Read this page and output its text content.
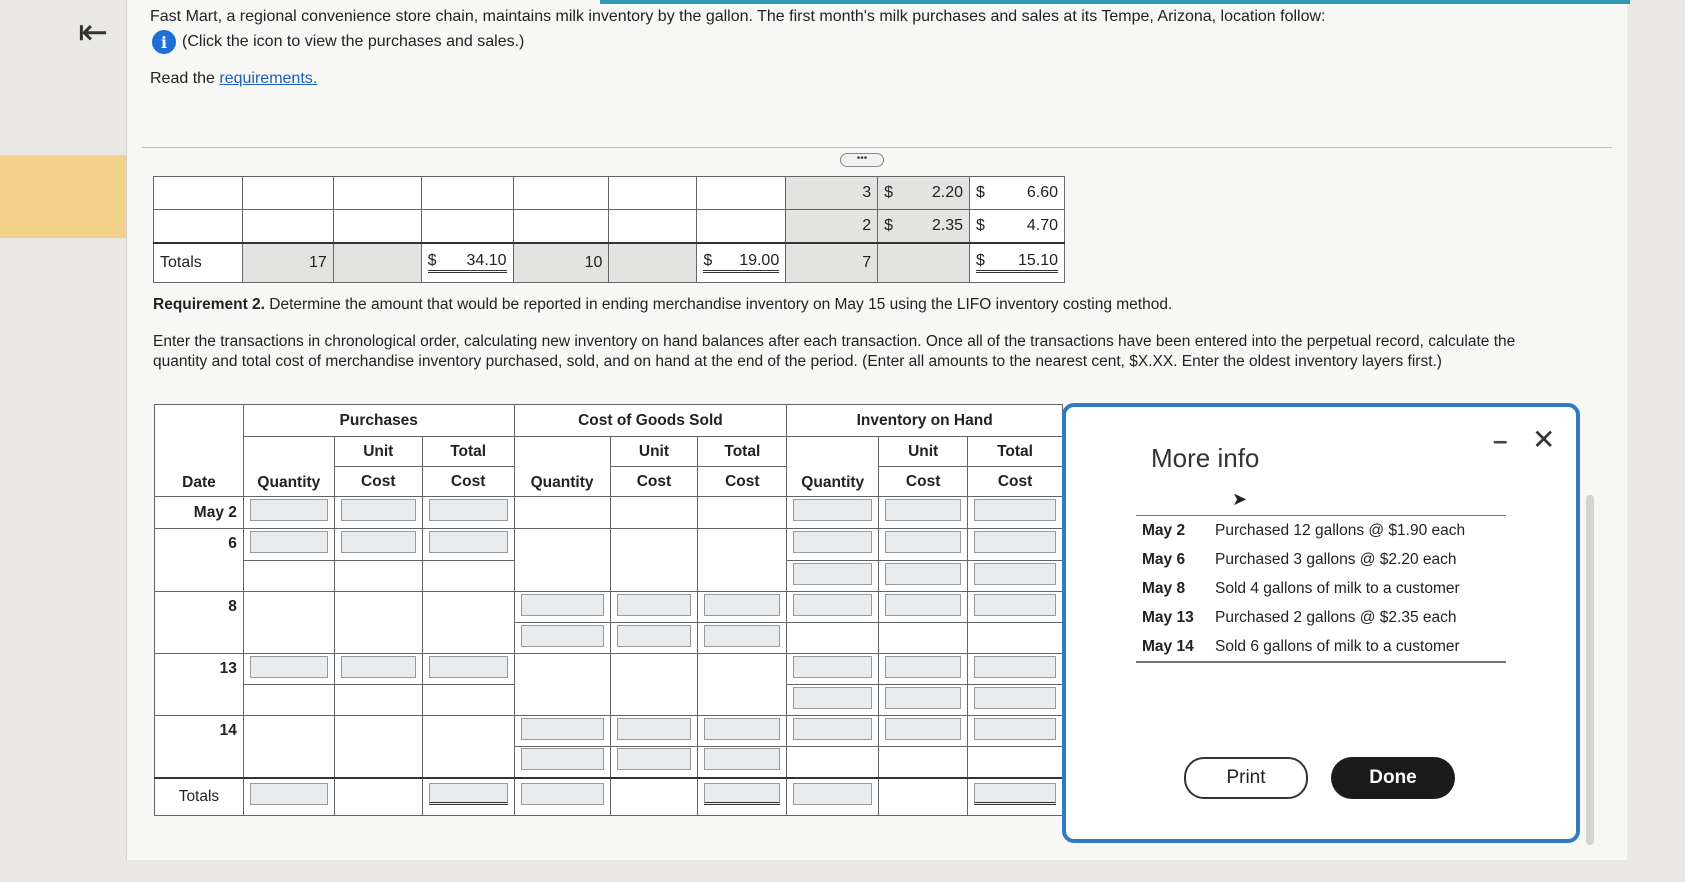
⇤	Fast Mart, a regional convenience store chain, maintains milk inventory by the gallon. The first month's milk purchases and sales at its Tempe, Arizona, location follow:
i (Click the icon to view the purchases and sales.)
Read the requirements.
•••
							3	$ 2.20	$ 6.60

							2	$ 2.35	$ 4.70

Totals	17		$ 34.10	10		$ 19.00	7		$ 15.10
Requirement 2. Determine the amount that would be reported in ending merchandise inventory on May 15 using the LIFO inventory costing method.
Enter the transactions in chronological order, calculating new inventory on hand balances after each transaction. Once all of the transactions have been entered into the perpetual record, calculate the quantity and total cost of merchandise inventory purchased, sold, and on hand at the end of the period. (Enter all amounts to the nearest cent, $X.XX. Enter the oldest inventory layers first.)
Date	Purchases			Cost of Goods Sold			Inventory on Hand		
	Quantity	Unit	Total	Quantity	Unit	Total	Quantity	Unit	Total
		Cost	Cost		Cost	Cost		Cost	Cost
May 2									
6									

8									

13									

14									

Totals									
More info
– ✕
➤
May 2	Purchased 12 gallons @ $1.90 each
May 6	Purchased 3 gallons @ $2.20 each
May 8	Sold 4 gallons of milk to a customer
May 13	Purchased 2 gallons @ $2.35 each
May 14	Sold 6 gallons of milk to a customer
Print	Done
